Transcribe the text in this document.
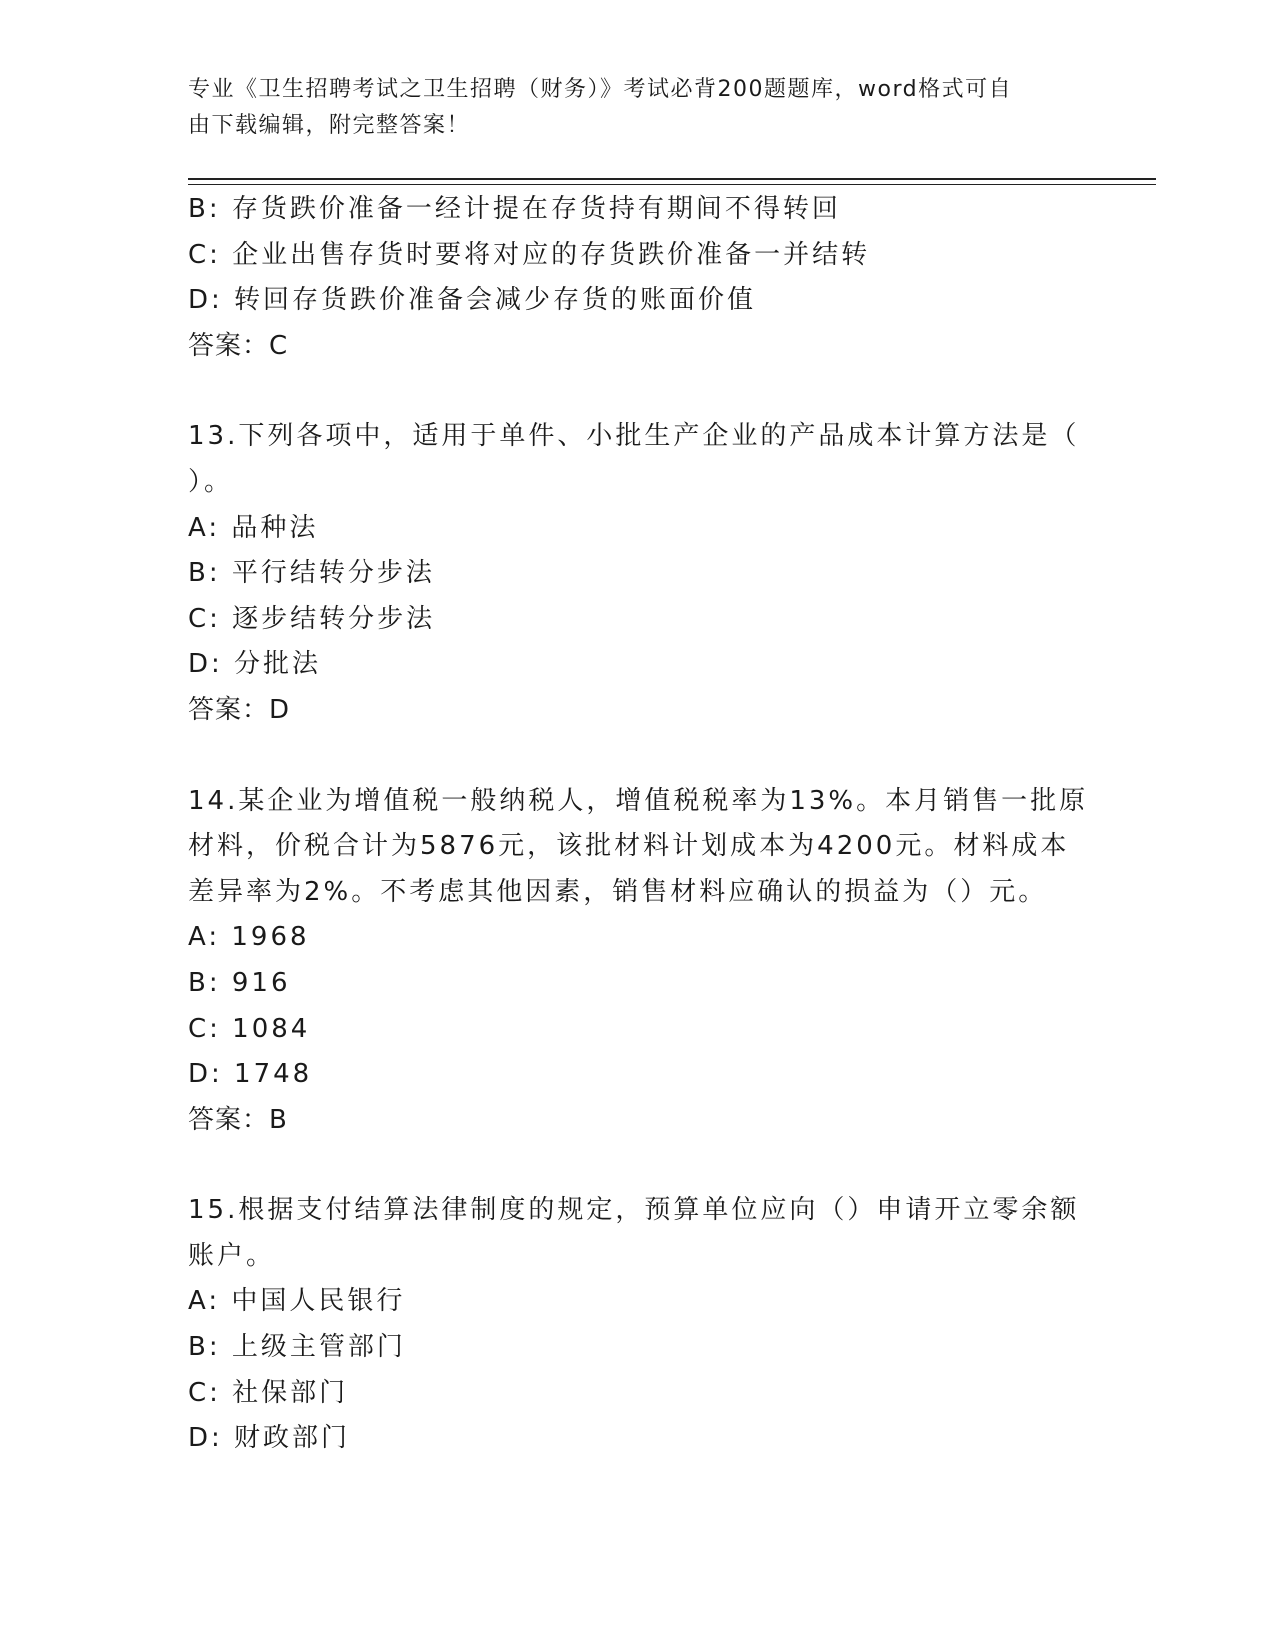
专业《卫生招聘考试之卫生招聘（财务）》考试必背200题题库，word格式可自
由下载编辑，附完整答案！
B: 存货跌价准备一经计提在存货持有期间不得转回
C: 企业出售存货时要将对应的存货跌价准备一并结转
D: 转回存货跌价准备会减少存货的账面价值
答案：C
13.下列各项中，适用于单件、小批生产企业的产品成本计算方法是（
）。
A: 品种法
B: 平行结转分步法
C: 逐步结转分步法
D: 分批法
答案：D
14.某企业为增值税一般纳税人，增值税税率为13%。本月销售一批原
材料，价税合计为5876元，该批材料计划成本为4200元。材料成本
差异率为2%。不考虑其他因素，销售材料应确认的损益为（）元。
A: 1968
B: 916
C: 1084
D: 1748
答案：B
15.根据支付结算法律制度的规定，预算单位应向（）申请开立零余额
账户。
A: 中国人民银行
B: 上级主管部门
C: 社保部门
D: 财政部门
